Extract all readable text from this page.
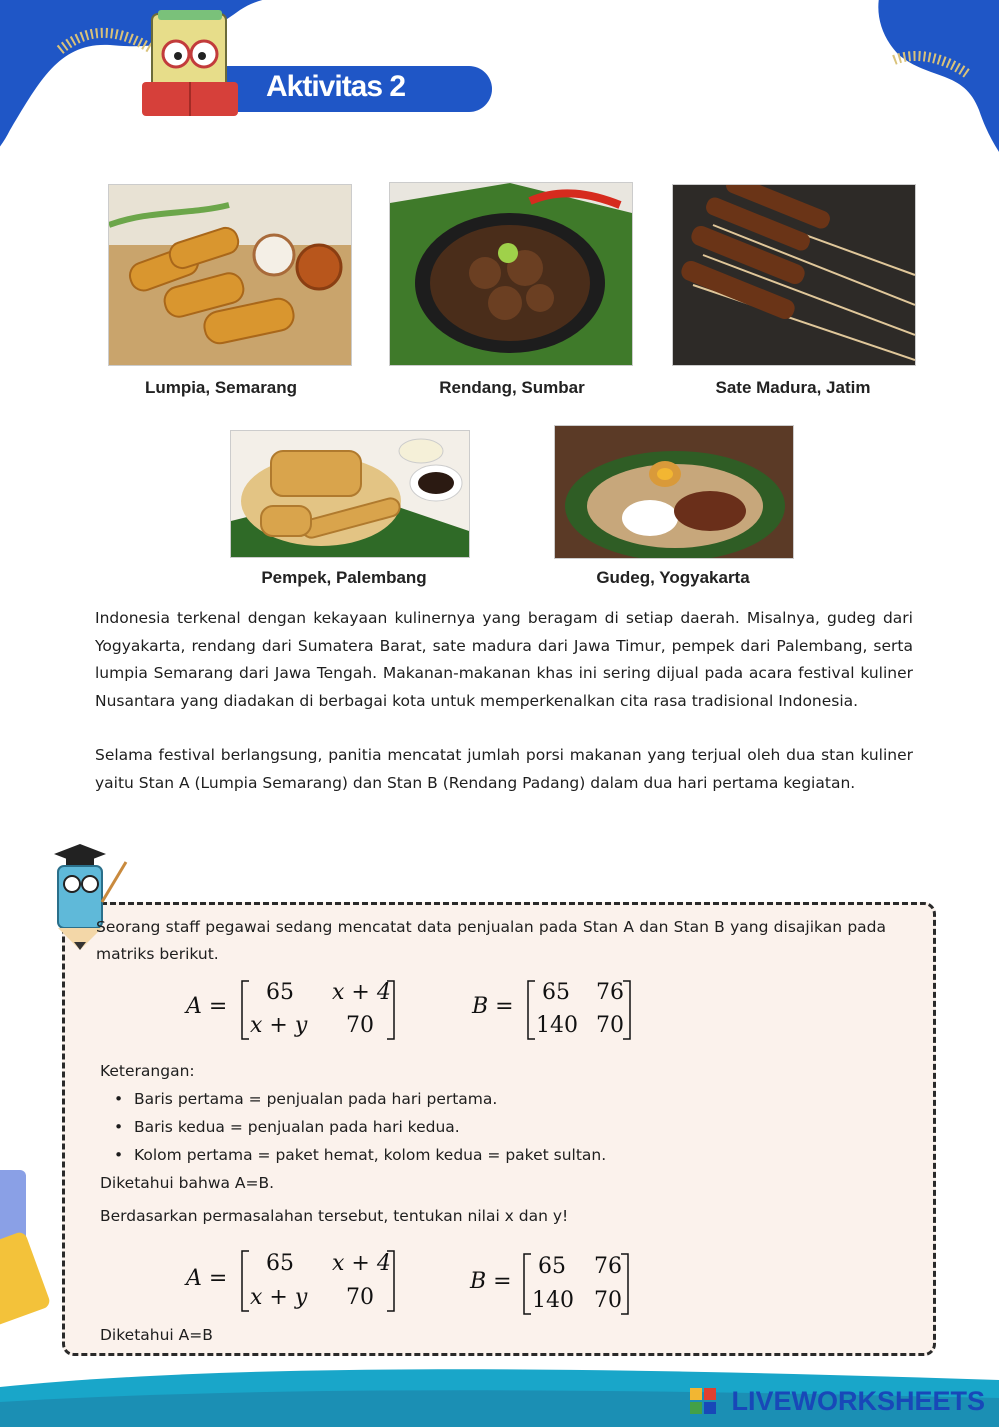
Aktivitas 2
Lumpia, Semarang	Rendang, Sumbar	Sate Madura, Jatim
Pempek, Palembang	Gudeg, Yogyakarta
Indonesia terkenal dengan kekayaan kulinernya yang beragam di setiap daerah. Misalnya, gudeg dari Yogyakarta, rendang dari Sumatera Barat, sate madura dari Jawa Timur, pempek dari Palembang, serta lumpia Semarang dari Jawa Tengah. Makanan-makanan khas ini sering dijual pada acara festival kuliner Nusantara yang diadakan di berbagai kota untuk memperkenalkan cita rasa tradisional Indonesia.
Selama festival berlangsung, panitia mencatat jumlah porsi makanan yang terjual oleh dua stan kuliner yaitu Stan A (Lumpia Semarang) dan Stan B (Rendang Padang) dalam dua hari pertama kegiatan.
Seorang staff pegawai sedang mencatat data penjualan pada Stan A dan Stan B yang disajikan pada matriks berikut.
A =
65 x + 4
x + y 70
B =
65 76
140 70
Keterangan:
• Baris pertama = penjualan pada hari pertama.
• Baris kedua = penjualan pada hari kedua.
• Kolom pertama = paket hemat, kolom kedua = paket sultan.
Diketahui bahwa A=B.
Berdasarkan permasalahan tersebut, tentukan nilai x dan y!
A =
65 x + 4
x + y 70
B =
65 76
140 70
Diketahui A=B
LIVEWORKSHEETS
